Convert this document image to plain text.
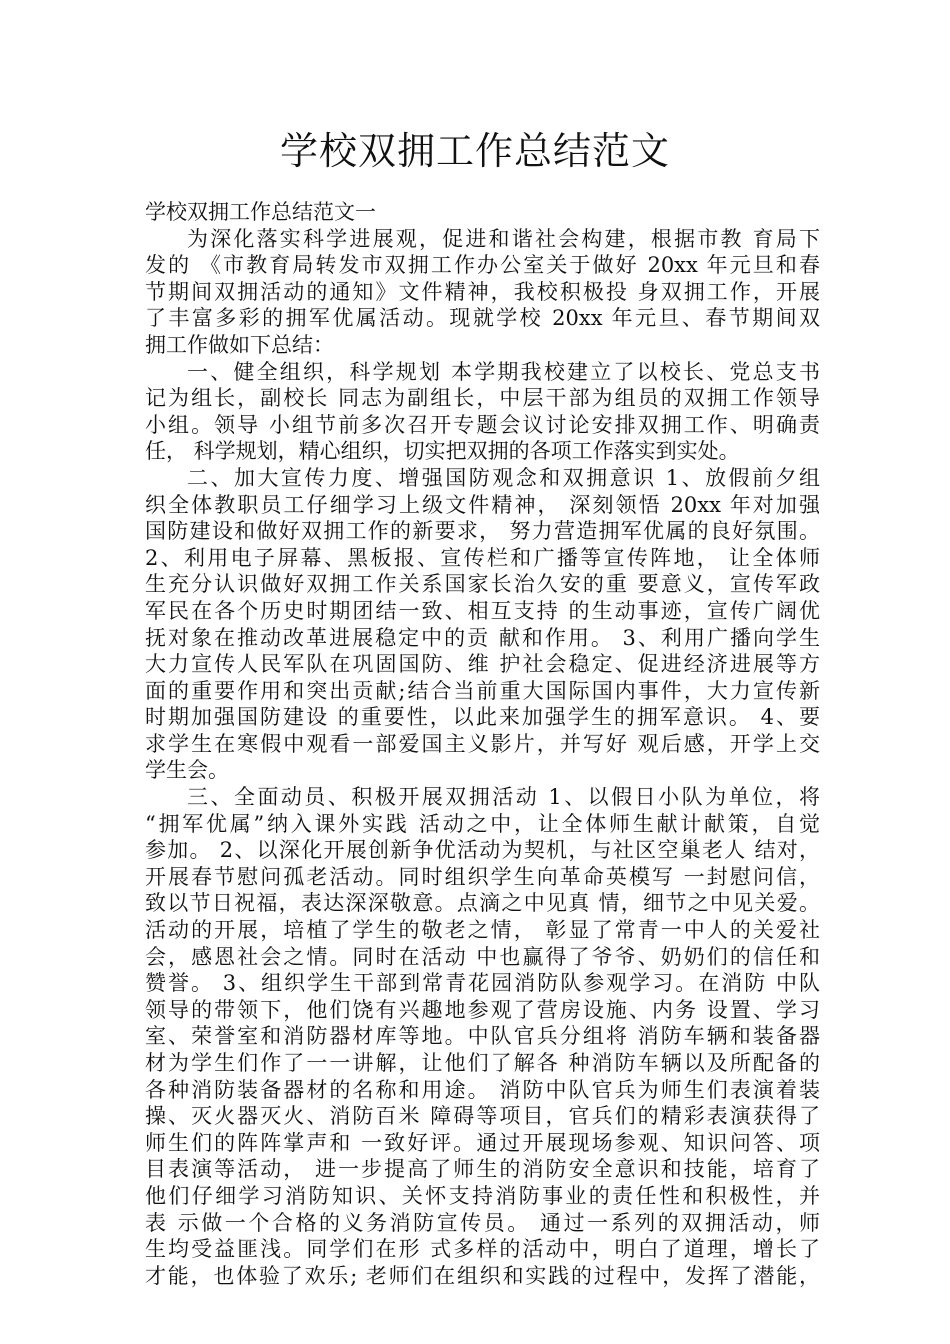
学校双拥工作总结范文
学校双拥工作总结范文一
为深化落实科学进展观，促进和谐社会构建，根据市教 育局下
发的 《市教育局转发市双拥工作办公室关于做好 20xx 年元旦和春
节期间双拥活动的通知》文件精神，我校积极投 身双拥工作，开展
了丰富多彩的拥军优属活动。现就学校 20xx 年元旦、春节期间双
拥工作做如下总结：
一、健全组织，科学规划 本学期我校建立了以校长、党总支书
记为组长，副校长 同志为副组长，中层干部为组员的双拥工作领导
小组。领导 小组节前多次召开专题会议讨论安排双拥工作、明确责
任， 科学规划，精心组织，切实把双拥的各项工作落实到实处。
二、加大宣传力度、增强国防观念和双拥意识 1、放假前夕组
织全体教职员工仔细学习上级文件精神， 深刻领悟 20xx 年对加强
国防建设和做好双拥工作的新要求， 努力营造拥军优属的良好氛围。
2、利用电子屏幕、黑板报、宣传栏和广播等宣传阵地， 让全体师
生充分认识做好双拥工作关系国家长治久安的重 要意义，宣传军政
军民在各个历史时期团结一致、相互支持 的生动事迹，宣传广阔优
抚对象在推动改革进展稳定中的贡 献和作用。 3、利用广播向学生
大力宣传人民军队在巩固国防、维 护社会稳定、促进经济进展等方
面的重要作用和突出贡献;结合当前重大国际国内事件，大力宣传新
时期加强国防建设 的重要性，以此来加强学生的拥军意识。 4、要
求学生在寒假中观看一部爱国主义影片，并写好 观后感，开学上交
学生会。
三、全面动员、积极开展双拥活动 1、以假日小队为单位，将
“拥军优属”纳入课外实践 活动之中，让全体师生献计献策，自觉
参加。 2、以深化开展创新争优活动为契机，与社区空巢老人 结对，
开展春节慰问孤老活动。同时组织学生向革命英模写 一封慰问信，
致以节日祝福，表达深深敬意。点滴之中见真 情，细节之中见关爱。
活动的开展，培植了学生的敬老之情， 彰显了常青一中人的关爱社
会，感恩社会之情。同时在活动 中也赢得了爷爷、奶奶们的信任和
赞誉。 3、组织学生干部到常青花园消防队参观学习。在消防 中队
领导的带领下，他们饶有兴趣地参观了营房设施、内务 设置、学习
室、荣誉室和消防器材库等地。中队官兵分组将 消防车辆和装备器
材为学生们作了一一讲解，让他们了解各 种消防车辆以及所配备的
各种消防装备器材的名称和用途。 消防中队官兵为师生们表演着装
操、灭火器灭火、消防百米 障碍等项目，官兵们的精彩表演获得了
师生们的阵阵掌声和 一致好评。通过开展现场参观、知识问答、项
目表演等活动， 进一步提高了师生的消防安全意识和技能，培育了
他们仔细学习消防知识、关怀支持消防事业的责任性和积极性，并
表 示做一个合格的义务消防宣传员。 通过一系列的双拥活动，师
生均受益匪浅。同学们在形 式多样的活动中，明白了道理，增长了
才能，也体验了欢乐; 老师们在组织和实践的过程中，发挥了潜能，
